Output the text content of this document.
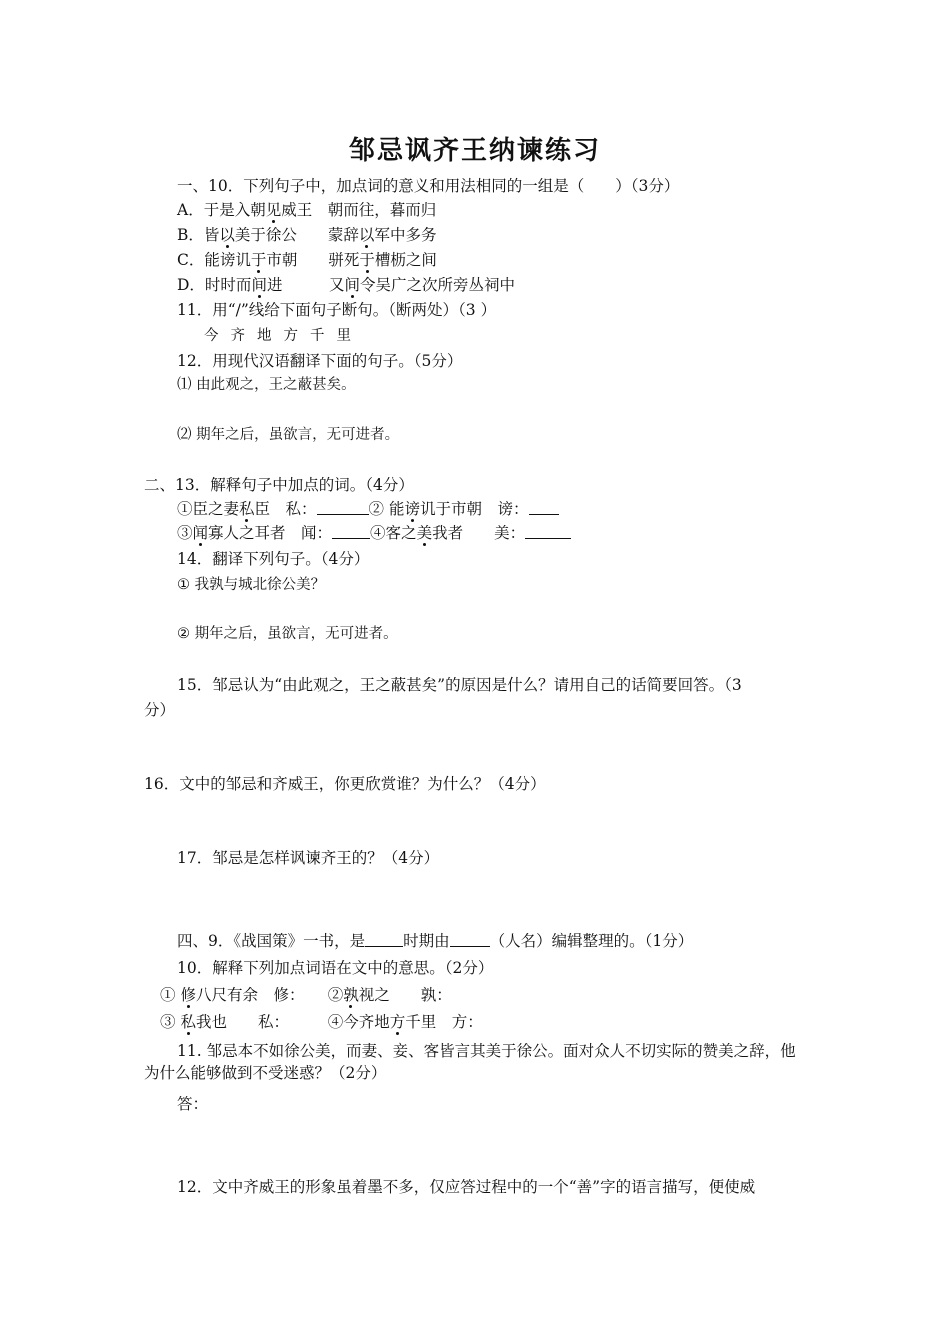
邹忌讽齐王纳谏练习
一、10．下列句子中，加点词的意义和用法相同的一组是（　　）（3分）
A．于是入朝见威王　朝而往，暮而归
B．皆以美于徐公　　蒙辞以军中多务
C．能谤讥于市朝　　骈死于槽枥之间
D．时时而间进　　　又间令吴广之次所旁丛祠中
11．用“/”线给下面句子断句。（断两处）（3 ）
今齐地方千里
12．用现代汉语翻译下面的句子。（5分）
⑴ 由此观之，王之蔽甚矣。
⑵ 期年之后，虽欲言，无可进者。
二、13．解释句子中加点的词。（4分）
①臣之妻私臣　私：	② 能谤讥于市朝　谤：
③闻寡人之耳者　闻： ④客之美我者　　美：
14．翻译下列句子。（4分）
① 我孰与城北徐公美？
② 期年之后，虽欲言，无可进者。
15．邹忌认为“由此观之，王之蔽甚矣”的原因是什么？请用自己的话简要回答。（3
分）
16．文中的邹忌和齐威王，你更欣赏谁？为什么？（4分）
17．邹忌是怎样讽谏齐王的？（4分）
四、9．《战国策》一书，是 时期由	（人名）编辑整理的。（1分）
10．解释下列加点词语在文中的意思。（2分）
① 修八尺有余　修：　　②孰视之　　孰：
③ 私我也　　私：　　　④今齐地方千里　方：
11. 邹忌本不如徐公美，而妻、妾、客皆言其美于徐公。面对众人不切实际的赞美之辞，他为什么能够做到不受迷惑？（2分）
答：
12．文中齐威王的形象虽着墨不多，仅应答过程中的一个“善”字的语言描写，便使威
